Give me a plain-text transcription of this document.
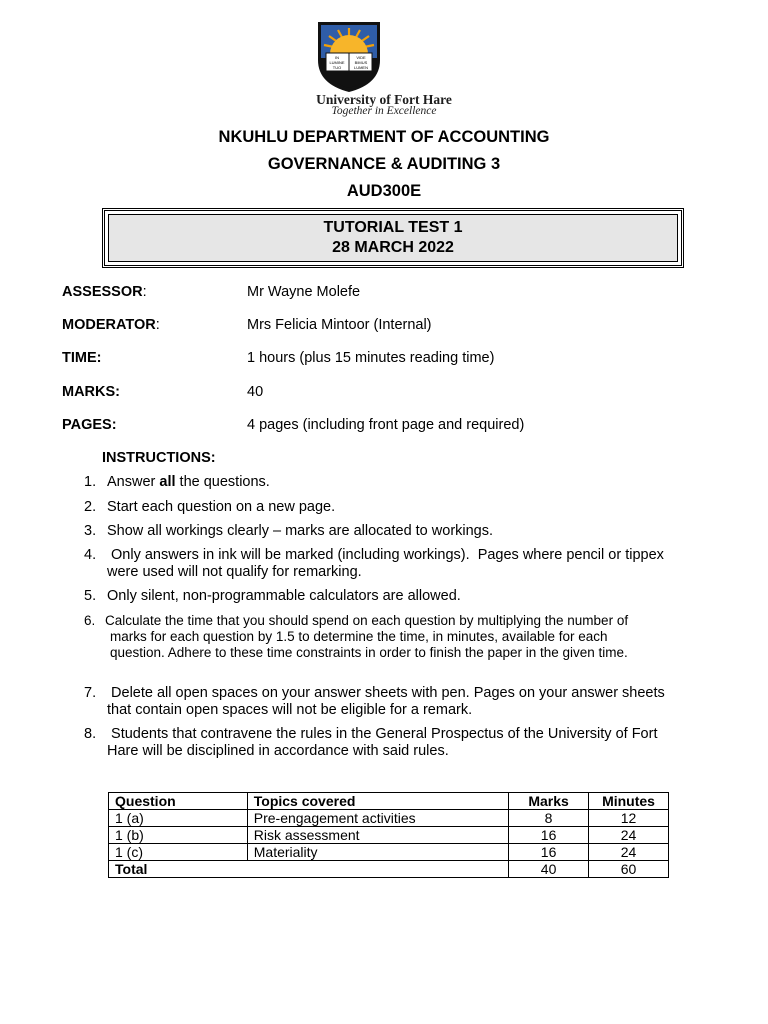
IN
LUMINE
TUO
VIDE
BIMUS
LUMEN
University of Fort Hare
Together in Excellence
NKUHLU DEPARTMENT OF ACCOUNTING
GOVERNANCE & AUDITING 3
AUD300E
TUTORIAL TEST 1
28 MARCH 2022
ASSESSOR:	Mr Wayne Molefe
MODERATOR:	Mrs Felicia Mintoor (Internal)
TIME:	1 hours (plus 15 minutes reading time)
MARKS:	40
PAGES:	4 pages (including front page and required)
INSTRUCTIONS:
1. Answer all the questions.
2. Start each question on a new page.
3. Show all workings clearly – marks are allocated to workings.
4. Only answers in ink will be marked (including workings).  Pages where pencil or tippex
were used will not qualify for remarking.
5. Only silent, non-programmable calculators are allowed.
6. Calculate the time that you should spend on each question by multiplying the number of
marks for each question by 1.5 to determine the time, in minutes, available for each
question. Adhere to these time constraints in order to finish the paper in the given time.
7. Delete all open spaces on your answer sheets with pen. Pages on your answer sheets
that contain open spaces will not be eligible for a remark.
8. Students that contravene the rules in the General Prospectus of the University of Fort
Hare will be disciplined in accordance with said rules.
Question	Topics covered	Marks	Minutes
1 (a)	Pre-engagement activities	8	12
1 (b)	Risk assessment	16	24
1 (c)	Materiality	16	24
Total		40	60
